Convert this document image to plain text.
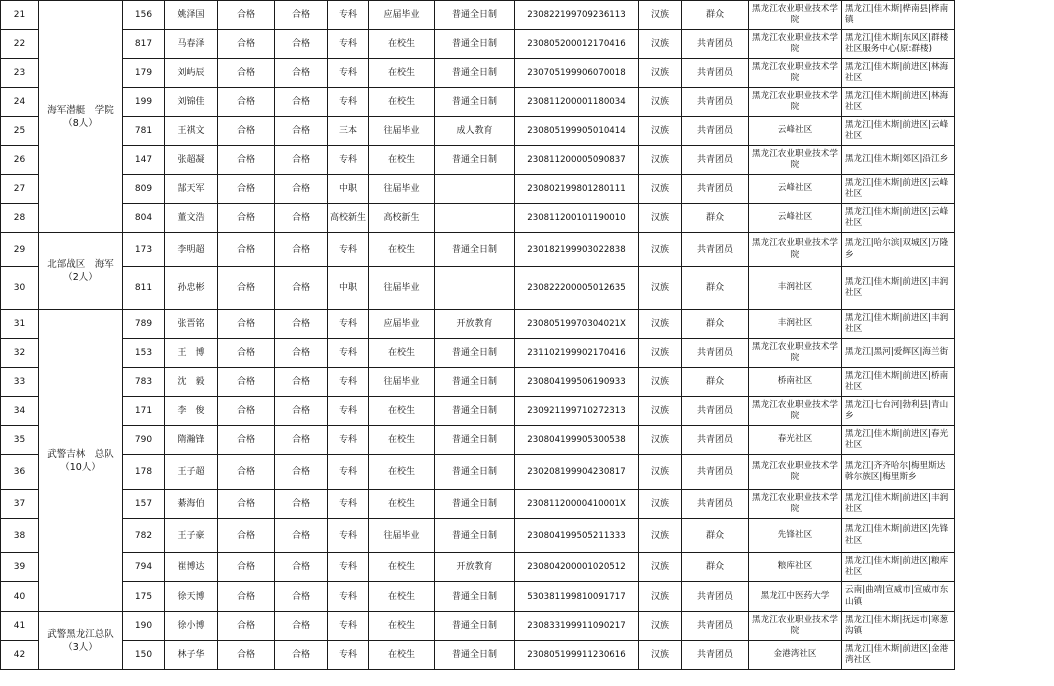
21	海军潜艇　学院（8人）	156	姚泽国	合格	合格	专科	应届毕业	普通全日制	230822199709236113	汉族	群众	黑龙江农业职业技术学院	黑龙江|佳木斯|桦南县|桦南镇
22		817	马春泽	合格	合格	专科	在校生	普通全日制	230805200012170416	汉族	共青团员	黑龙江农业职业技术学院	黑龙江|佳木斯|东风区|群楼社区服务中心(原:群楼)
23		179	刘屿辰	合格	合格	专科	在校生	普通全日制	230705199906070018	汉族	共青团员	黑龙江农业职业技术学院	黑龙江|佳木斯|前进区|林海社区
24		199	刘锦佳	合格	合格	专科	在校生	普通全日制	230811200001180034	汉族	共青团员	黑龙江农业职业技术学院	黑龙江|佳木斯|前进区|林海社区
25		781	王祺文	合格	合格	三本	往届毕业	成人教育	230805199905010414	汉族	共青团员	云峰社区	黑龙江|佳木斯|前进区|云峰社区
26		147	张超凝	合格	合格	专科	在校生	普通全日制	230811200005090837	汉族	共青团员	黑龙江农业职业技术学院	黑龙江|佳木斯|郊区|沿江乡
27		809	郜天军	合格	合格	中职	往届毕业		230802199801280111	汉族	共青团员	云峰社区	黑龙江|佳木斯|前进区|云峰社区
28		804	董文浩	合格	合格	高校新生	高校新生		230811200101190010	汉族	群众	云峰社区	黑龙江|佳木斯|前进区|云峰社区
29	北部战区　海军（2人）	173	李明超	合格	合格	专科	在校生	普通全日制	230182199903022838	汉族	共青团员	黑龙江农业职业技术学院	黑龙江|哈尔滨|双城区|万隆乡
30		811	孙忠彬	合格	合格	中职	往届毕业		230822200005012635	汉族	群众	丰润社区	黑龙江|佳木斯|前进区|丰润社区
31	武警吉林　总队（10人）	789	张晋铭	合格	合格	专科	应届毕业	开放教育	23080519970304021X	汉族	群众	丰润社区	黑龙江|佳木斯|前进区|丰润社区
32		153	王　博	合格	合格	专科	在校生	普通全日制	231102199902170416	汉族	共青团员	黑龙江农业职业技术学院	黑龙江|黑河|爱辉区|海兰街
33		783	沈　毅	合格	合格	专科	往届毕业	普通全日制	230804199506190933	汉族	群众	桥南社区	黑龙江|佳木斯|前进区|桥南社区
34		171	李　俊	合格	合格	专科	在校生	普通全日制	230921199710272313	汉族	共青团员	黑龙江农业职业技术学院	黑龙江|七台河|勃利县|青山乡
35		790	隋瀚锋	合格	合格	专科	在校生	普通全日制	230804199905300538	汉族	共青团员	春光社区	黑龙江|佳木斯|前进区|春光社区
36		178	王子超	合格	合格	专科	在校生	普通全日制	230208199904230817	汉族	共青团员	黑龙江农业职业技术学院	黑龙江|齐齐哈尔|梅里斯达斡尔族区|梅里斯乡
37		157	綦海伯	合格	合格	专科	在校生	普通全日制	23081120000410001X	汉族	共青团员	黑龙江农业职业技术学院	黑龙江|佳木斯|前进区|丰润社区
38		782	王子豪	合格	合格	专科	往届毕业	普通全日制	230804199505211333	汉族	群众	先锋社区	黑龙江|佳木斯|前进区|先锋社区
39		794	崔博达	合格	合格	专科	在校生	开放教育	230804200001020512	汉族	群众	粮库社区	黑龙江|佳木斯|前进区|粮库社区
40		175	徐天博	合格	合格	专科	在校生	普通全日制	530381199810091717	汉族	共青团员	黑龙江中医药大学	云南|曲靖|宣威市|宣威市东山镇
41	武警黑龙江总队（3人）	190	徐小博	合格	合格	专科	在校生	普通全日制	230833199911090217	汉族	共青团员	黑龙江农业职业技术学院	黑龙江|佳木斯|抚远市|寒葱沟镇
42		150	林子华	合格	合格	专科	在校生	普通全日制	230805199911230616	汉族	共青团员	金港湾社区	黑龙江|佳木斯|前进区|金港湾社区
